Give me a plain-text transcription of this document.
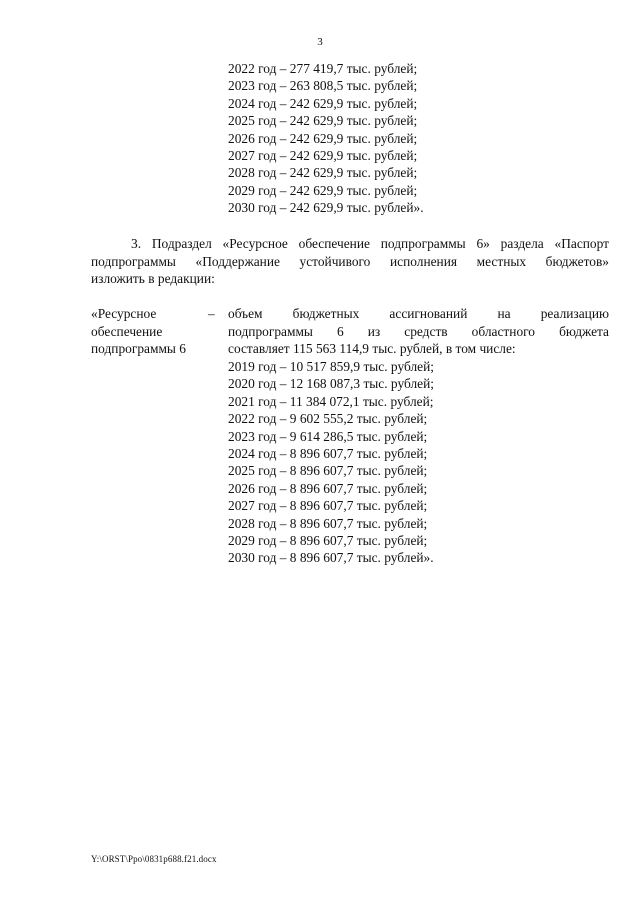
3
2022 год – 277 419,7 тыс. рублей;
2023 год – 263 808,5 тыс. рублей;
2024 год – 242 629,9 тыс. рублей;
2025 год – 242 629,9 тыс. рублей;
2026 год – 242 629,9 тыс. рублей;
2027 год – 242 629,9 тыс. рублей;
2028 год – 242 629,9 тыс. рублей;
2029 год – 242 629,9 тыс. рублей;
2030 год – 242 629,9 тыс. рублей».
3. Подраздел «Ресурсное обеспечение подпрограммы 6» раздела «Паспорт
подпрограммы «Поддержание устойчивого исполнения местных бюджетов»
изложить в редакции:
«Ресурсное
обеспечение
подпрограммы 6
– объем бюджетных ассигнований на реализацию
подпрограммы 6 из средств областного бюджета
составляет 115 563 114,9 тыс. рублей, в том числе:
2019 год – 10 517 859,9 тыс. рублей;
2020 год – 12 168 087,3 тыс. рублей;
2021 год – 11 384 072,1 тыс. рублей;
2022 год – 9 602 555,2 тыс. рублей;
2023 год – 9 614 286,5 тыс. рублей;
2024 год – 8 896 607,7 тыс. рублей;
2025 год – 8 896 607,7 тыс. рублей;
2026 год – 8 896 607,7 тыс. рублей;
2027 год – 8 896 607,7 тыс. рублей;
2028 год – 8 896 607,7 тыс. рублей;
2029 год – 8 896 607,7 тыс. рублей;
2030 год – 8 896 607,7 тыс. рублей».
Y:\ORST\Ppo\0831p688.f21.docx
